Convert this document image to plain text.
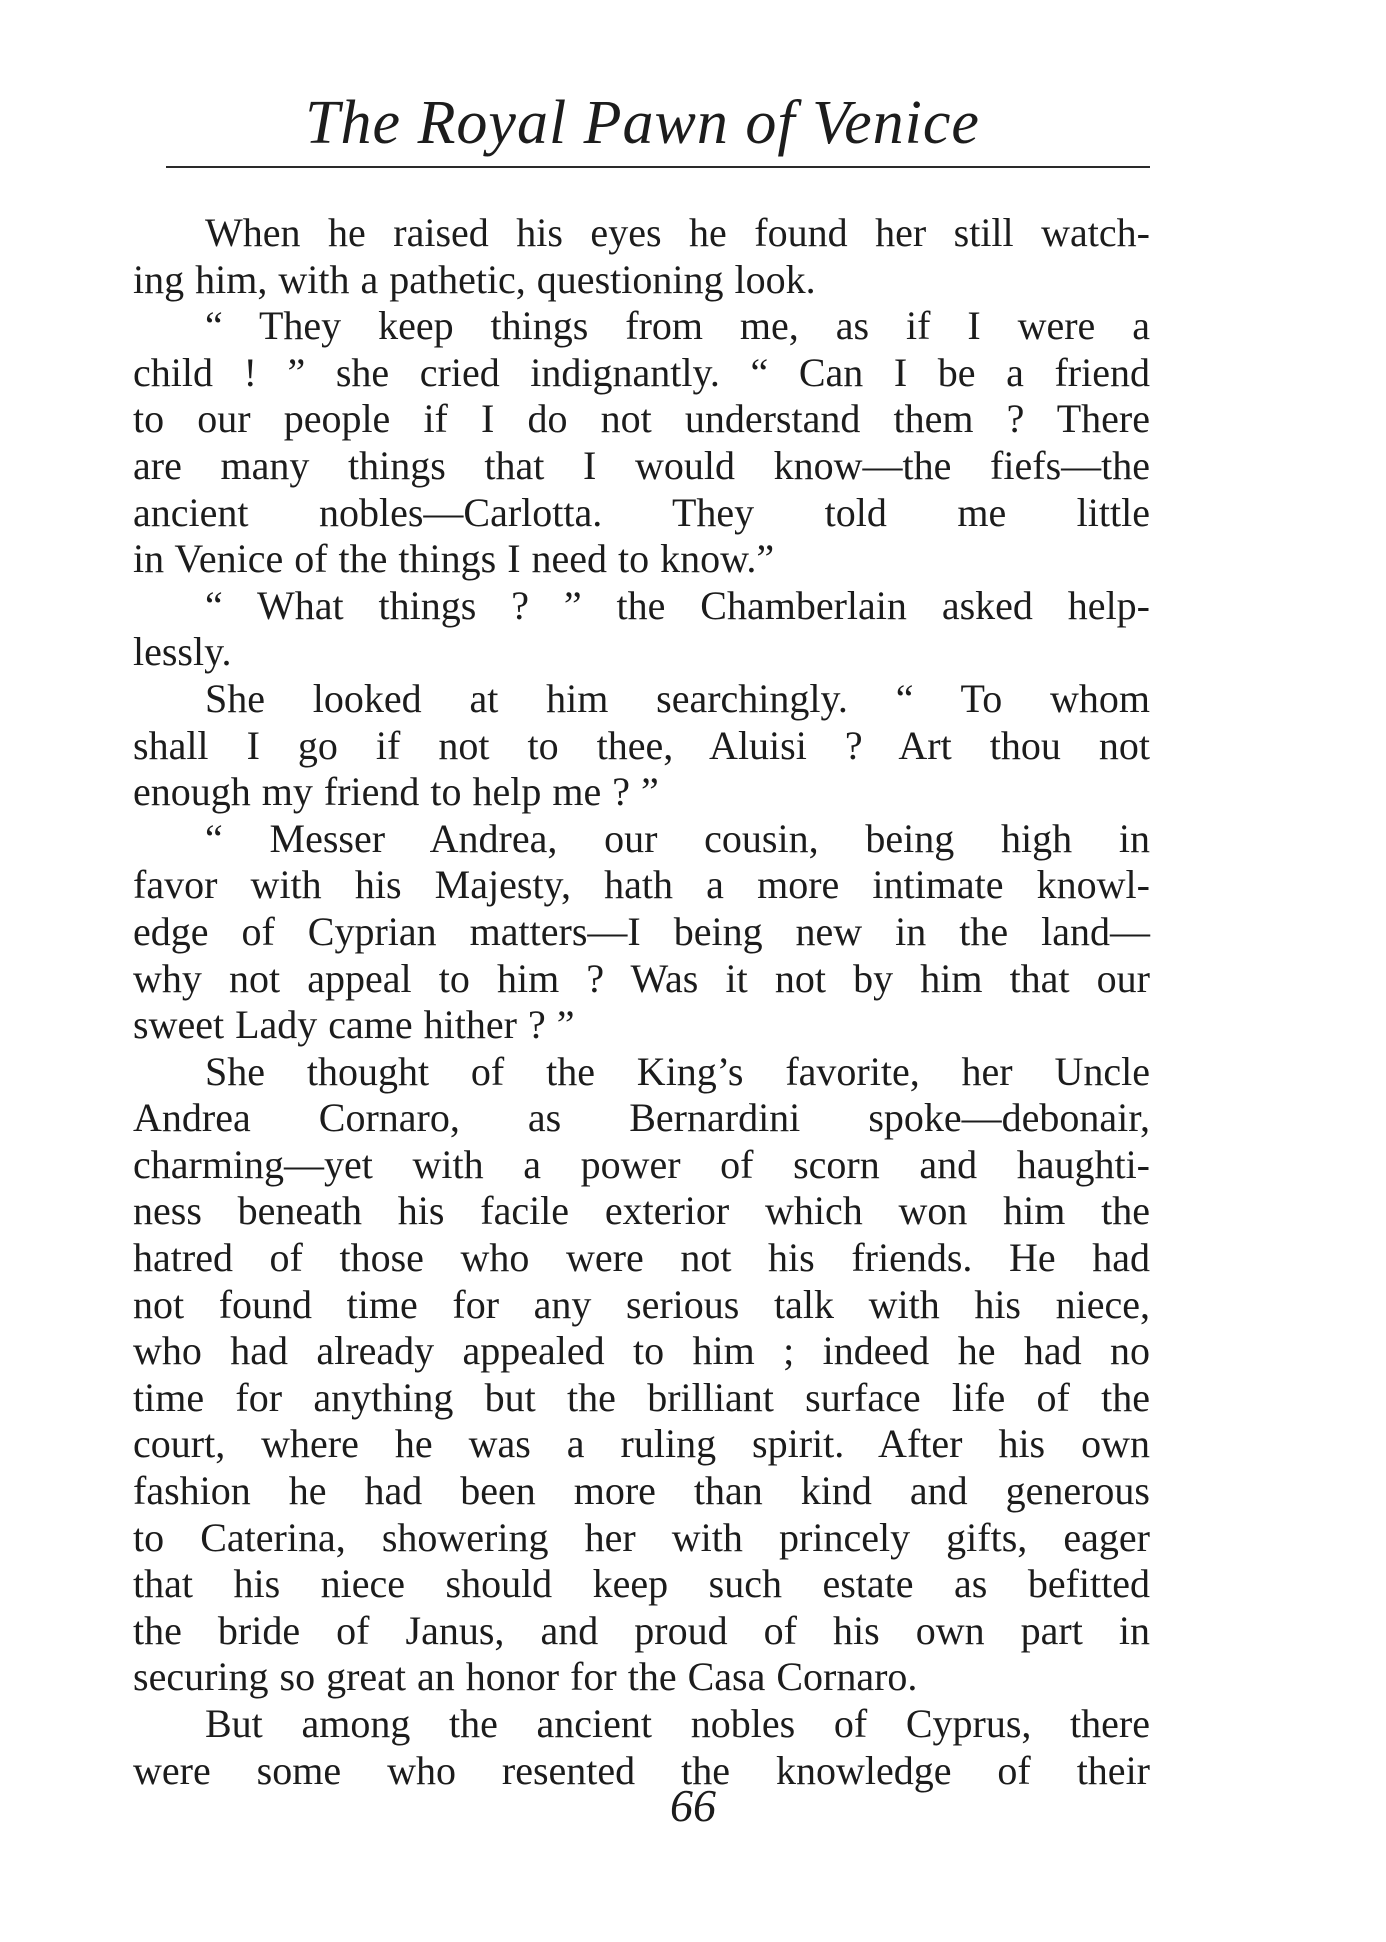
The Royal Pawn of Venice
When he raised his eyes he found her still watch-
ing him, with a pathetic, questioning look.
“ They keep things from me, as if I were a
child ! ” she cried indignantly. “ Can I be a friend
to our people if I do not understand them ? There
are many things that I would know—the fiefs—the
ancient nobles—Carlotta. They told me little
in Venice of the things I need to know.”
“ What things ? ” the Chamberlain asked help-
lessly.
She looked at him searchingly. “ To whom
shall I go if not to thee, Aluisi ? Art thou not
enough my friend to help me ? ”
“ Messer Andrea, our cousin, being high in
favor with his Majesty, hath a more intimate knowl-
edge of Cyprian matters—I being new in the land—
why not appeal to him ? Was it not by him that our
sweet Lady came hither ? ”
She thought of the King’s favorite, her Uncle
Andrea Cornaro, as Bernardini spoke—debonair,
charming—yet with a power of scorn and haughti-
ness beneath his facile exterior which won him the
hatred of those who were not his friends. He had
not found time for any serious talk with his niece,
who had already appealed to him ; indeed he had no
time for anything but the brilliant surface life of the
court, where he was a ruling spirit. After his own
fashion he had been more than kind and generous
to Caterina, showering her with princely gifts, eager
that his niece should keep such estate as befitted
the bride of Janus, and proud of his own part in
securing so great an honor for the Casa Cornaro.
But among the ancient nobles of Cyprus, there
were some who resented the knowledge of their
66
